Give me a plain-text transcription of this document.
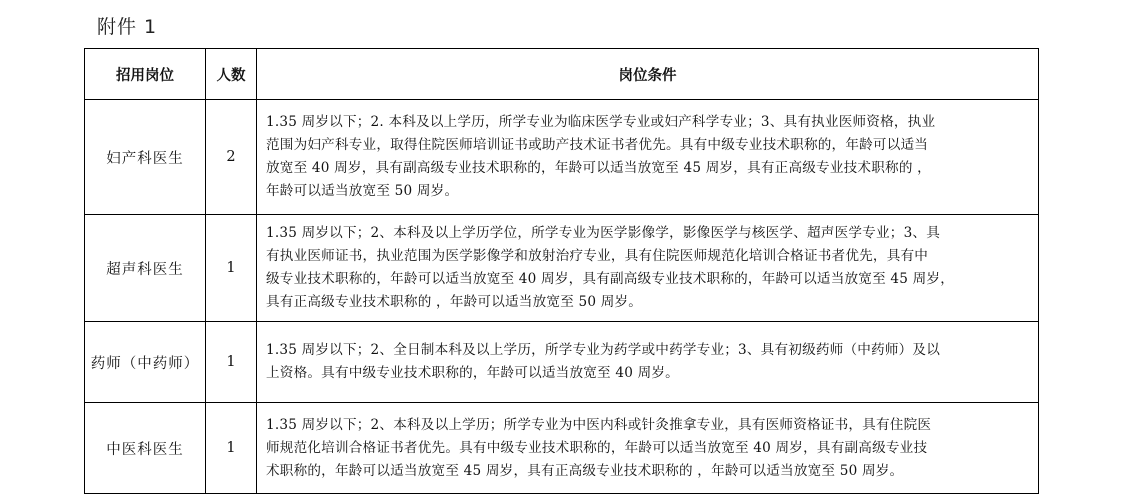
附件 1
招用岗位	人数	岗位条件
妇产科医生	2	1.35 周岁以下；2. 本科及以上学历，所学专业为临床医学专业或妇产科学专业；3、具有执业医师资格，执业
范围为妇产科专业，取得住院医师培训证书或助产技术证书者优先。具有中级专业技术职称的，年龄可以适当
放宽至 40 周岁，具有副高级专业技术职称的，年龄可以适当放宽至 45 周岁，具有正高级专业技术职称的 ，
年龄可以适当放宽至 50 周岁。

超声科医生	1	1.35 周岁以下；2、本科及以上学历学位，所学专业为医学影像学，影像医学与核医学、超声医学专业；3、具
有执业医师证书，执业范围为医学影像学和放射治疗专业，具有住院医师规范化培训合格证书者优先，具有中
级专业技术职称的，年龄可以适当放宽至 40 周岁，具有副高级专业技术职称的，年龄可以适当放宽至 45 周岁，
具有正高级专业技术职称的 ，年龄可以适当放宽至 50 周岁。

药师（中药师）	1	1.35 周岁以下；2、全日制本科及以上学历，所学专业为药学或中药学专业；3、具有初级药师（中药师）及以
上资格。具有中级专业技术职称的，年龄可以适当放宽至 40 周岁。

中医科医生	1	1.35 周岁以下；2、本科及以上学历；所学专业为中医内科或针灸推拿专业，具有医师资格证书，具有住院医
师规范化培训合格证书者优先。具有中级专业技术职称的，年龄可以适当放宽至 40 周岁，具有副高级专业技
术职称的，年龄可以适当放宽至 45 周岁，具有正高级专业技术职称的 ，年龄可以适当放宽至 50 周岁。
